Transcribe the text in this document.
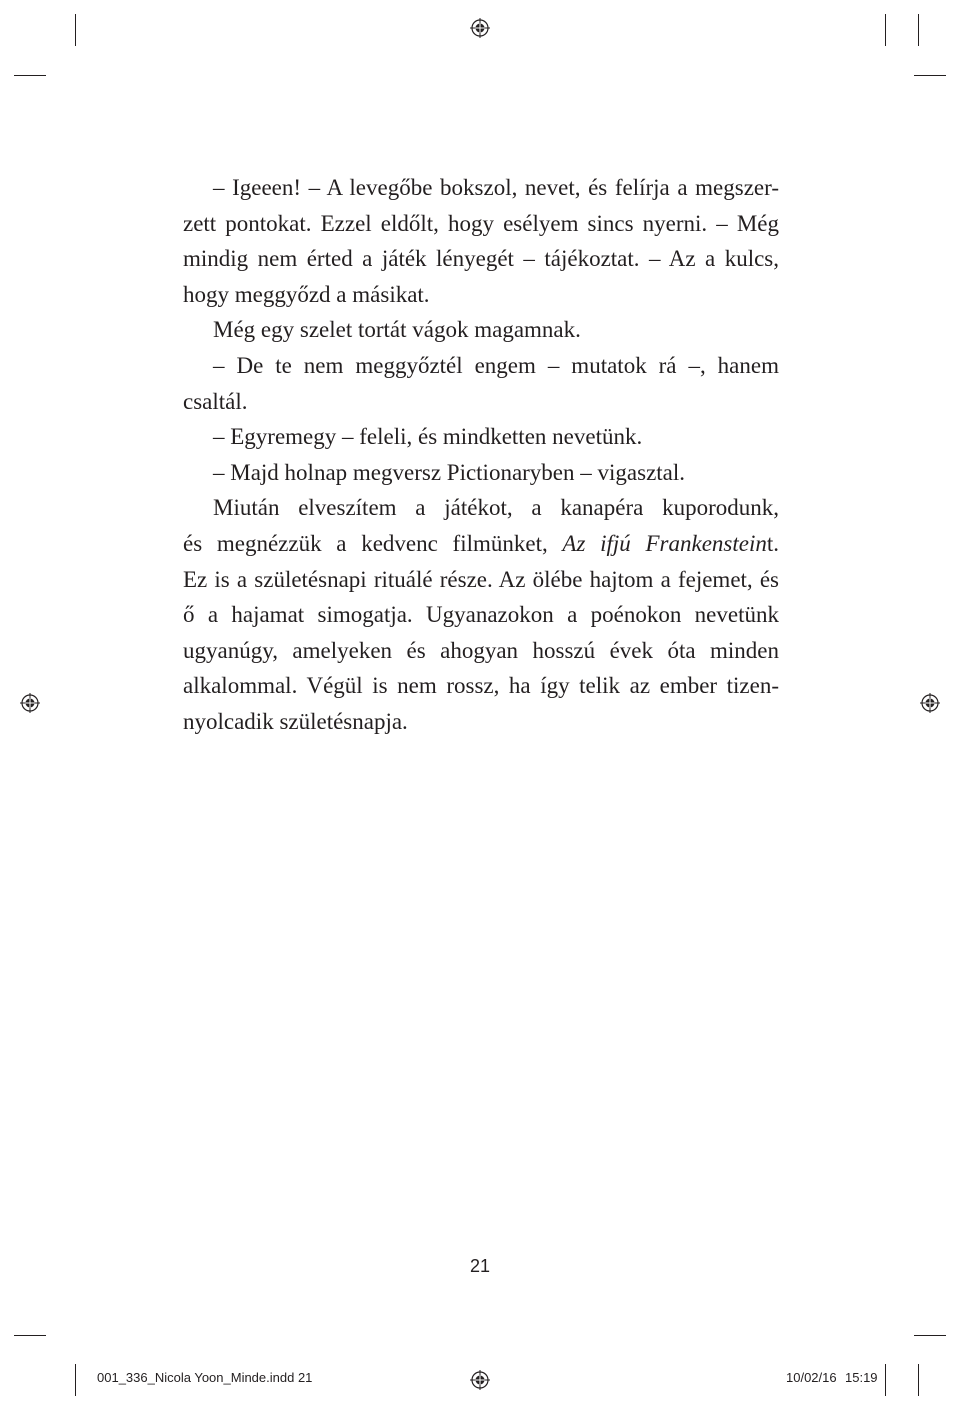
– Igeeen! – A levegőbe bokszol, nevet, és felírja a megszer-
zett pontokat. Ezzel eldőlt, hogy esélyem sincs nyerni. – Még
mindig nem érted a játék lényegét – tájékoztat. – Az a kulcs,
hogy meggyőzd a másikat.
Még egy szelet tortát vágok magamnak.
– De te nem meggyőztél engem – mutatok rá –, hanem
csaltál.
– Egyremegy – feleli, és mindketten nevetünk.
– Majd holnap megversz Pictionaryben – vigasztal.
Miután elveszítem a játékot, a kanapéra kuporodunk,
és megnézzük a kedvenc filmünket, Az ifjú Frankensteint.
Ez is a születésnapi rituálé része. Az ölébe hajtom a fejemet, és
ő a hajamat simogatja. Ugyanazokon a poénokon nevetünk
ugyanúgy, amelyeken és ahogyan hosszú évek óta minden
alkalommal. Végül is nem rossz, ha így telik az ember tizen-
nyolcadik születésnapja.
21
001_336_Nicola Yoon_Minde.indd 21	10/02/16 15:19
